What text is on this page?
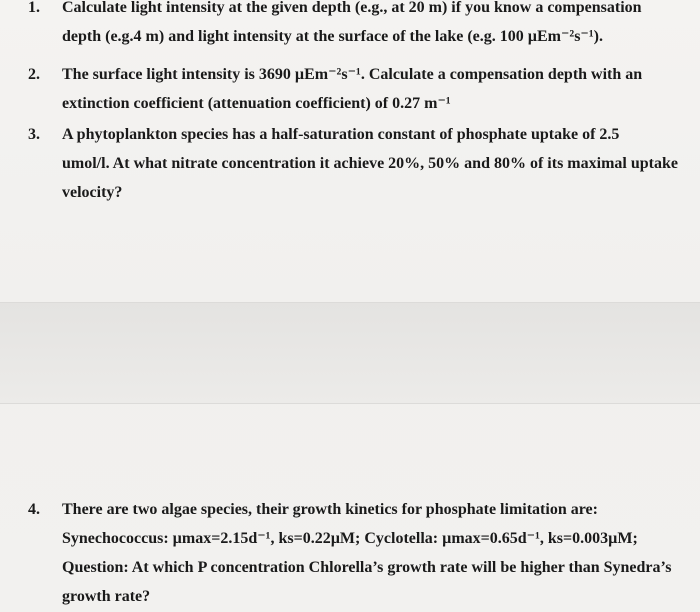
1.	Calculate light intensity at the given depth (e.g., at 20 m) if you know a compensation
depth (e.g.4 m) and light intensity at the surface of the lake (e.g. 100 µEm⁻²s⁻¹).
2.	The surface light intensity is 3690 µEm⁻²s⁻¹. Calculate a compensation depth with an
extinction coefficient (attenuation coefficient) of 0.27 m⁻¹
3.	A phytoplankton species has a half-saturation constant of phosphate uptake of 2.5
umol/l. At what nitrate concentration it achieve 20%, 50% and 80% of its maximal uptake
velocity?
4.	There are two algae species, their growth kinetics for phosphate limitation are:
Synechococcus: µmax=2.15d⁻¹, ks=0.22µM; Cyclotella: µmax=0.65d⁻¹, ks=0.003µM;
Question: At which P concentration Chlorella’s growth rate will be higher than Synedra’s
growth rate?
